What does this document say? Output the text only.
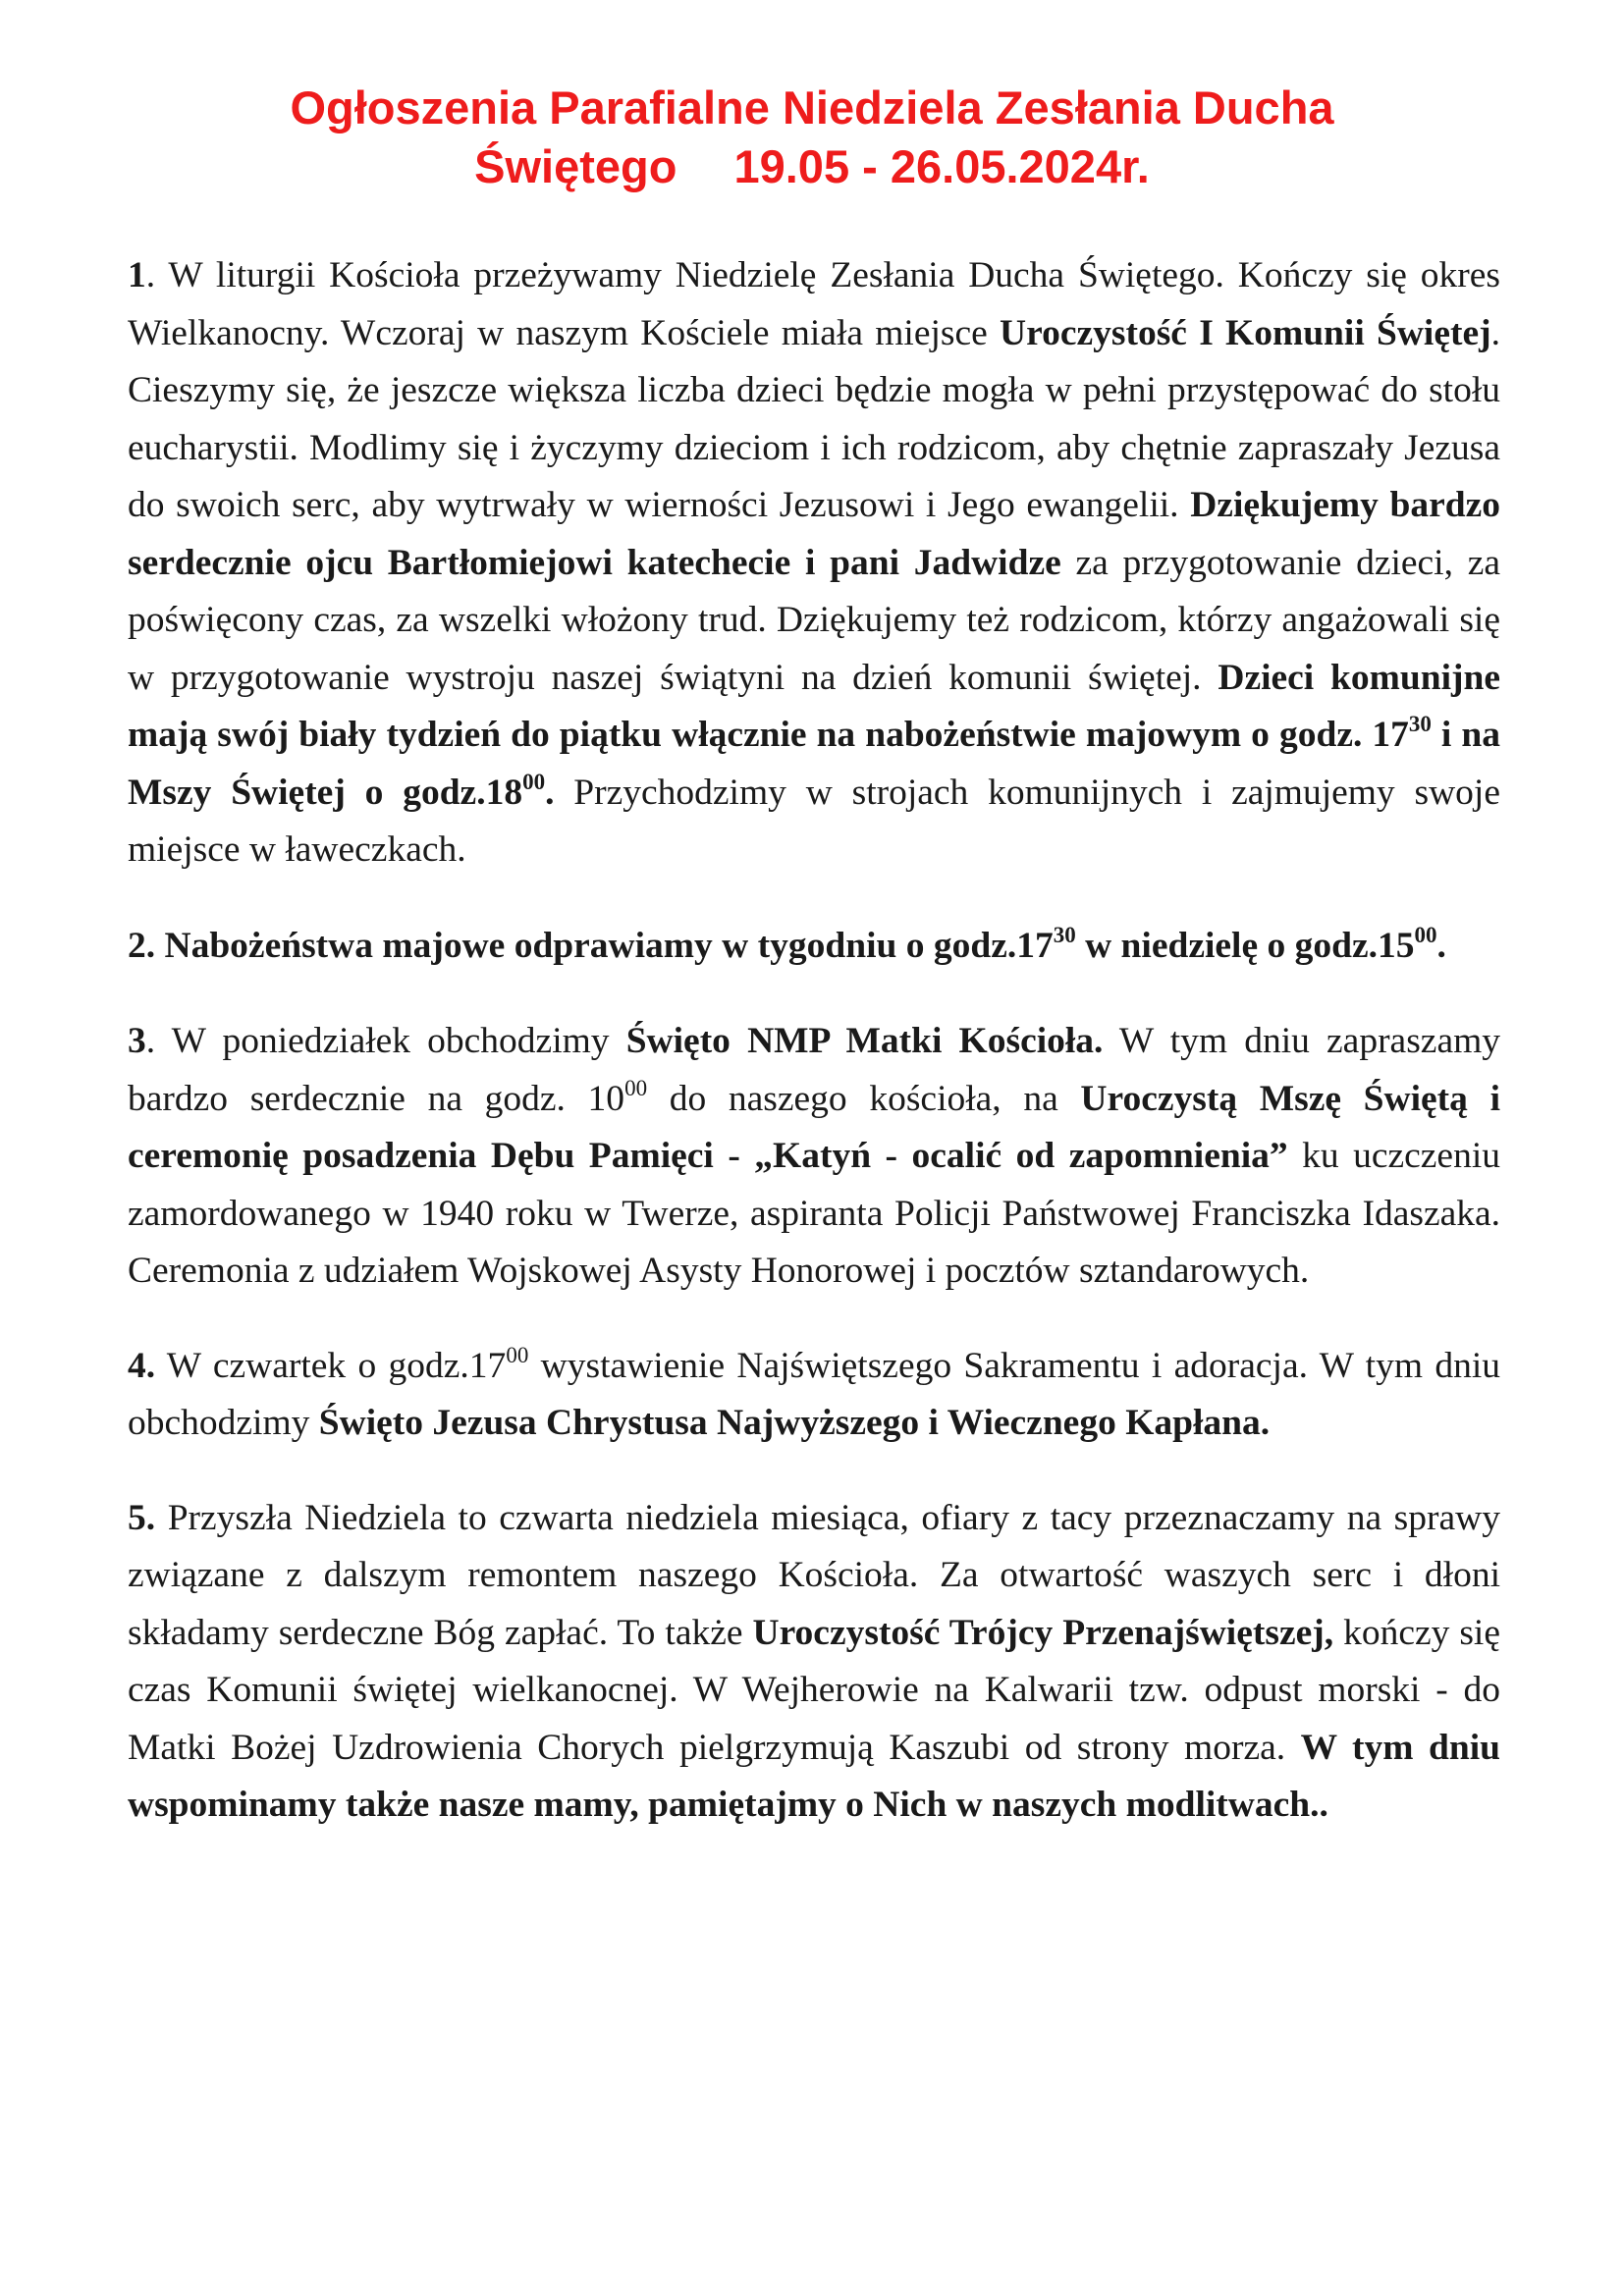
Ogłoszenia Parafialne Niedziela Zesłania Ducha
Świętego 19.05 - 26.05.2024r.

1. W liturgii Kościoła przeżywamy Niedzielę Zesłania Ducha Świętego. Kończy się okres Wielkanocny. Wczoraj w naszym Kościele miała miejsce Uroczystość I Komunii Świętej. Cieszymy się, że jeszcze większa liczba dzieci będzie mogła w pełni przystępować do stołu eucharystii. Modlimy się i życzymy dzieciom i ich rodzicom, aby chętnie zapraszały Jezusa do swoich serc, aby wytrwały w wierności Jezusowi i Jego ewangelii. Dziękujemy bardzo serdecznie ojcu Bartłomiejowi katechecie i pani Jadwidze za przygotowanie dzieci, za poświęcony czas, za wszelki włożony trud. Dziękujemy też rodzicom, którzy angażowali się w przygotowanie wystroju naszej świątyni na dzień komunii świętej. Dzieci komunijne mają swój biały tydzień do piątku włącznie na nabożeństwie majowym o godz. $17^{30}$ i na Mszy Świętej o $godz.18^{00}$. Przychodzimy w strojach komunijnych i zajmujemy swoje miejsce w ławeczkach.

2. Nabożeństwa majowe odprawiamy w tygodniu o $godz.17^{30}$ w niedzielę o $godz.15^{00}$.

3. W poniedziałek obchodzimy Święto NMP Matki Kościoła. W tym dniu zapraszamy bardzo serdecznie na godz. $10^{00}$ do naszego kościoła, na Uroczystą Mszę Świętą i ceremonię posadzenia Dębu Pamięci - „Katyń - ocalić od zapomnienia” ku uczczeniu zamordowanego w 1940 roku w Twerze, aspiranta Policji Państwowej Franciszka Idaszaka. Ceremonia z udziałem Wojskowej Asysty Honorowej i pocztów sztandarowych.

4. W czwartek o $godz.17^{00}$ wystawienie Najświętszego Sakramentu i adoracja. W tym dniu obchodzimy Święto Jezusa Chrystusa Najwyższego i Wiecznego Kapłana.

5. Przyszła Niedziela to czwarta niedziela miesiąca, ofiary z tacy przeznaczamy na sprawy związane z dalszym remontem naszego Kościoła. Za otwartość waszych serc i dłoni składamy serdeczne Bóg zapłać. To także Uroczystość Trójcy Przenajświętszej, kończy się czas Komunii świętej wielkanocnej. W Wejherowie na Kalwarii tzw. odpust morski - do Matki Bożej Uzdrowienia Chorych pielgrzymują Kaszubi od strony morza. W tym dniu wspominamy także nasze mamy, pamiętajmy o Nich w naszych modlitwach..
